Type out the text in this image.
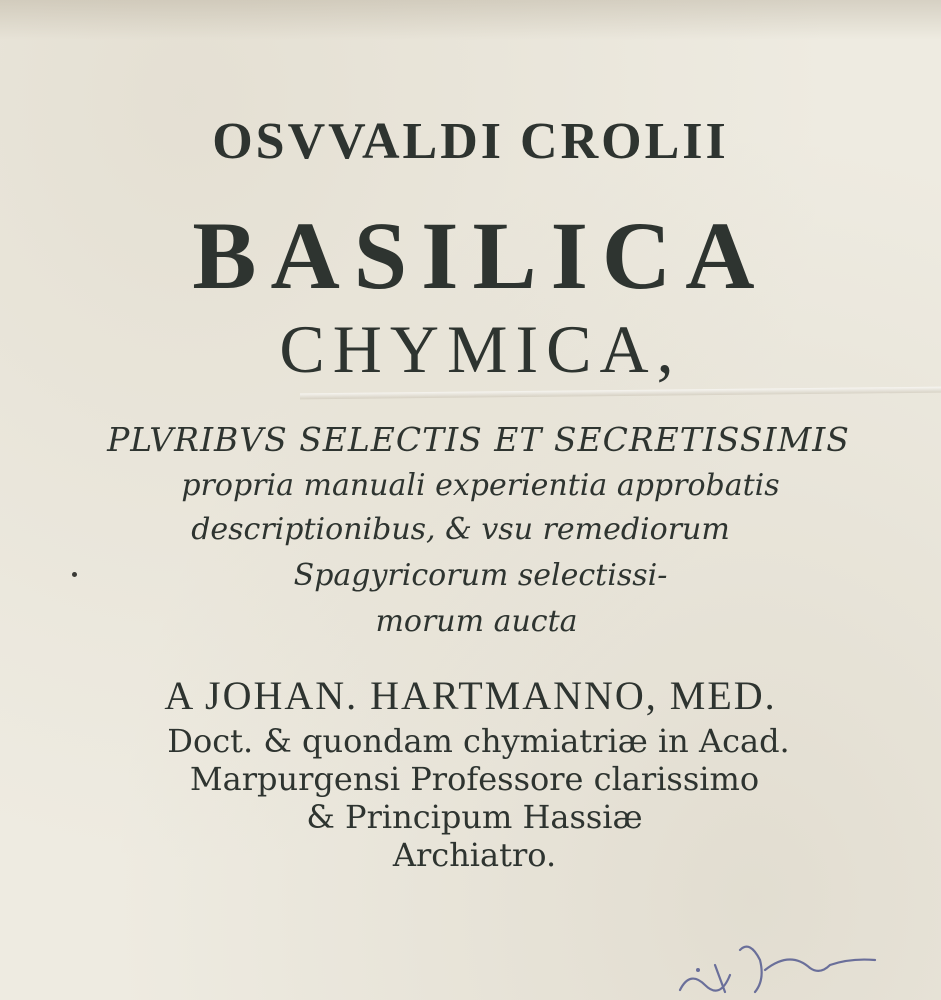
OSVVALDI CROLII
BASILICA
CHYMICA,
PLVRIBVS SELECTIS ET SECRETISSIMIS
propria manuali experientia approbatis
descriptionibus, & vsu remediorum
Spagyricorum selectissi-
morum aucta
A JOHAN. HARTMANNO, MED.
Doct. & quondam chymiatriæ in Acad.
Marpurgensi Professore clarissimo
& Principum Hassiæ
Archiatro.
